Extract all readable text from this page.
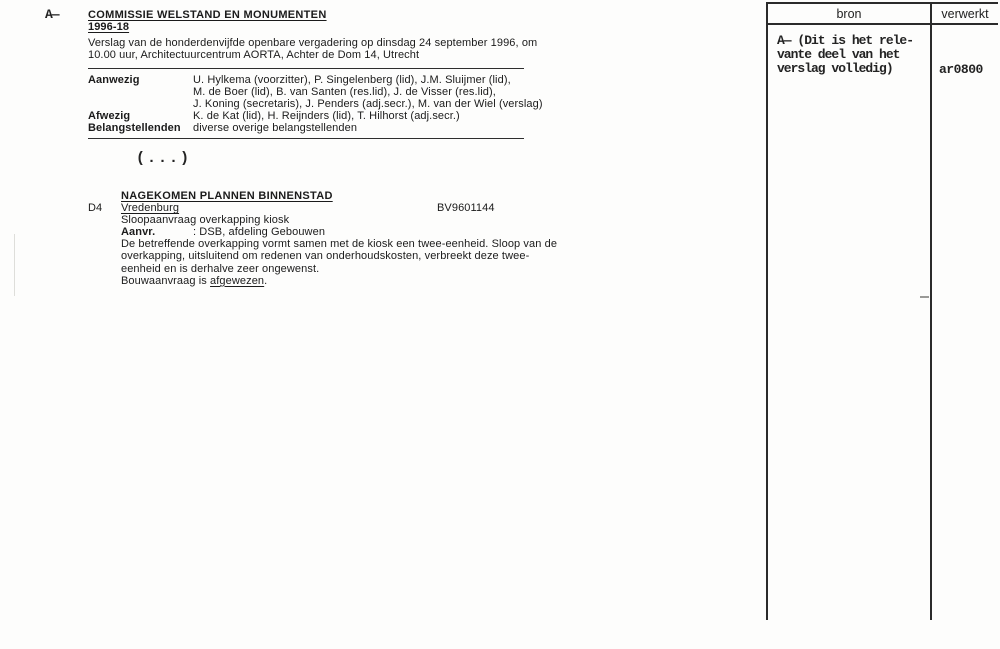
A—	COMMISSIE WELSTAND EN MONUMENTEN
1996-18
Verslag van de honderdenvijfde openbare vergadering op dinsdag 24 september 1996, om
10.00 uur, Architectuurcentrum AORTA, Achter de Dom 14, Utrecht
Aanwezig	U. Hylkema (voorzitter), P. Singelenberg (lid), J.M. Sluijmer (lid),
M. de Boer (lid), B. van Santen (res.lid), J. de Visser (res.lid),
J. Koning (secretaris), J. Penders (adj.secr.), M. van der Wiel (verslag)
Afwezig	K. de Kat (lid), H. Reijnders (lid), T. Hilhorst (adj.secr.)
Belangstellenden	diverse overige belangstellenden
(...)
NAGEKOMEN PLANNEN BINNENSTAD
D4	Vredenburg	BV9601144
Sloopaanvraag overkapping kiosk
Aanvr.	: DSB, afdeling Gebouwen
De betreffende overkapping vormt samen met de kiosk een twee-eenheid. Sloop van de
overkapping, uitsluitend om redenen van onderhoudskosten, verbreekt deze twee-
eenheid en is derhalve zeer ongewenst.
Bouwaanvraag is afgewezen.
bron	verwerkt
A— (Dit is het rele-
vante deel van het
verslag volledig)	ar0800
